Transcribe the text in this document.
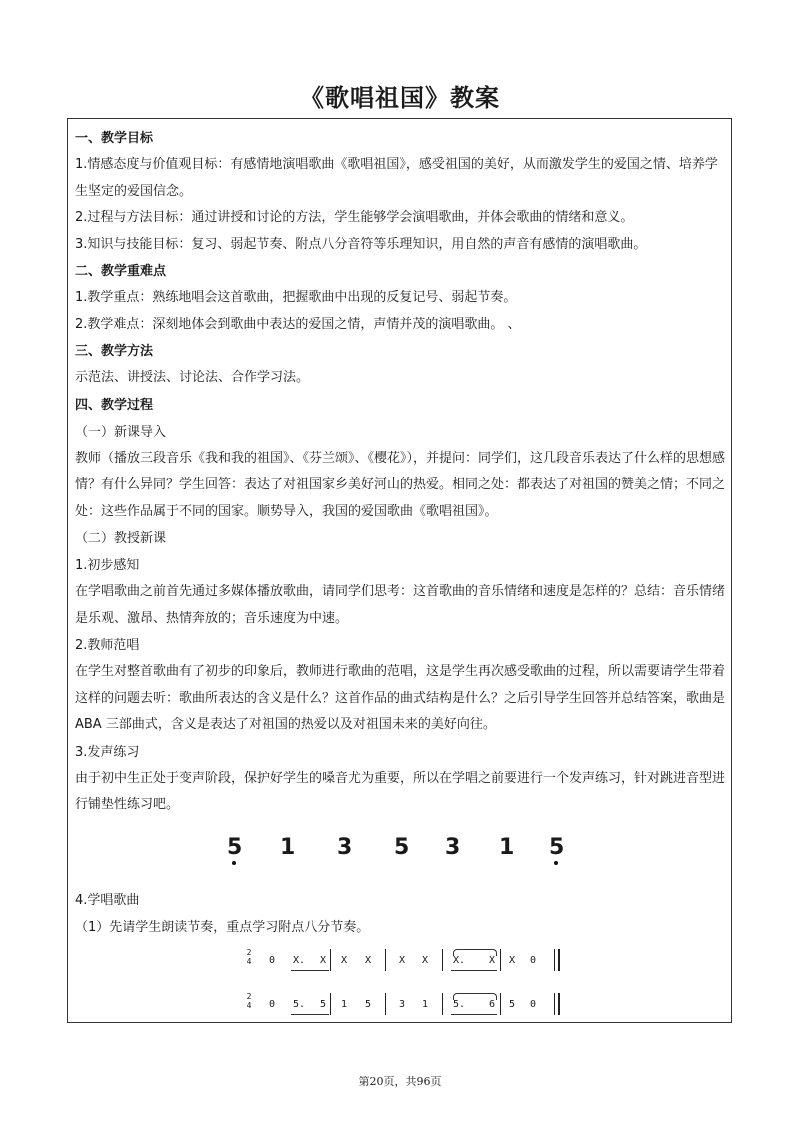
《歌唱祖国》教案
一、教学目标

1.情感态度与价值观目标：有感情地演唱歌曲《歌唱祖国》，感受祖国的美好，从而激发学生的爱国之情、培养学生坚定的爱国信念。

2.过程与方法目标：通过讲授和讨论的方法，学生能够学会演唱歌曲，并体会歌曲的情绪和意义。

3.知识与技能目标：复习、弱起节奏、附点八分音符等乐理知识，用自然的声音有感情的演唱歌曲。

二、教学重难点

1.教学重点：熟练地唱会这首歌曲，把握歌曲中出现的反复记号、弱起节奏。

2.教学难点：深刻地体会到歌曲中表达的爱国之情，声情并茂的演唱歌曲。 、

三、教学方法

示范法、讲授法、讨论法、合作学习法。

四、教学过程
（一）新课导入

教师（播放三段音乐《我和我的祖国》、《芬兰颂》、《樱花》），并提问：同学们，这几段音乐表达了什么样的思想感情？有什么异同？学生回答：表达了对祖国家乡美好河山的热爱。相同之处：都表达了对祖国的赞美之情；不同之处：这些作品属于不同的国家。顺势导入，我国的爱国歌曲《歌唱祖国》。

（二）教授新课
1.初步感知

在学唱歌曲之前首先通过多媒体播放歌曲，请同学们思考：这首歌曲的音乐情绪和速度是怎样的？总结：音乐情绪是乐观、激昂、热情奔放的；音乐速度为中速。

2.教师范唱

在学生对整首歌曲有了初步的印象后，教师进行歌曲的范唱，这是学生再次感受歌曲的过程，所以需要请学生带着这样的问题去听：歌曲所表达的含义是什么？这首作品的曲式结构是什么？之后引导学生回答并总结答案，歌曲是 ABA 三部曲式，含义是表达了对祖国的热爱以及对祖国未来的美好向往。

3.发声练习

由于初中生正处于变声阶段，保护好学生的嗓音尤为重要，所以在学唱之前要进行一个发声练习，针对跳进音型进行铺垫性练习吧。

5 1 3 5 3 1 5
4.学唱歌曲
（1）先请学生朗读节奏，重点学习附点八分节奏。
2
4 0 X. X X X	X X X. X X 0
2
4 0 5. 5 1 5	3 1 5. 6 5 0
第20页，共96页
